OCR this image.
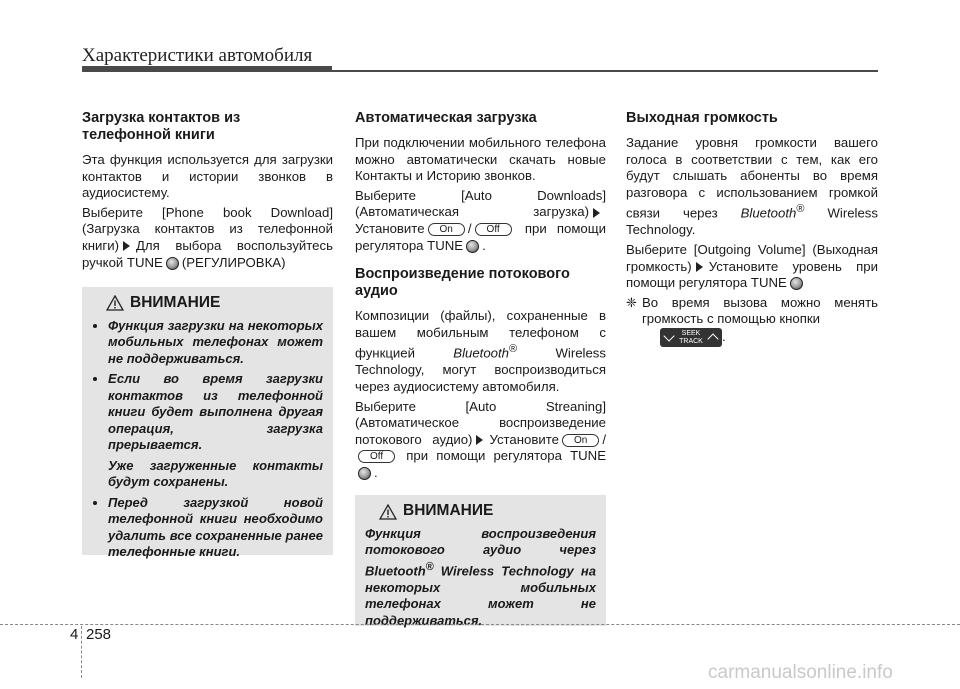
Характеристики автомобиля
Загрузка контактов из телефонной книги

Эта функция используется для загрузки контактов и истории звонков в аудиосистему.

Выберите [Phone book Download] (Загрузка контактов из телефонной книги) Для выбора воспользуйтесь ручкой TUNE (РЕГУЛИРОВКА)

ВНИМАНИЕ
• Функция загрузки на некоторых мобильных телефонах может не поддерживаться.
• Если во время загрузки контактов из телефонной книги будет выполнена другая операция, загрузка прерывается.

Уже загруженные контакты будут сохранены.

• Перед загрузкой новой телефонной книги необходимо удалить все сохраненные ранее телефонные книги.
Автоматическая загрузка

При подключении мобильного телефона можно автоматически скачать новые Контакты и Историю звонков.

Выберите [Auto Downloads] (Автоматическая загрузка) Установите On / Off при помощи регулятора TUNE .

Воспроизведение потокового аудио

Композиции (файлы), сохраненные в вашем мобильным телефоном с функцией	Bluetooth®	Wireless Technology, могут воспроизводиться через аудиосистему автомобиля.

Выберите [Auto Streaning] (Автоматическое воспроизведение потокового аудио) Установите On / Off при помощи регулятора TUNE.

ВНИМАНИЕ

Функция воспроизведения потокового аудио через Bluetooth® Wireless Technology на некоторых мобильных телефонах может не поддерживаться.

Выходная громкость

Задание уровня громкости вашего голоса в соответствии с тем, как его будут слышать абоненты во время разговора с использованием громкой связи через Bluetooth® Wireless Technology.

Выберите [Outgoing Volume] (Выходная громкость) Установите уровень при помощи регулятора TUNE

❈ Во время вызова можно менять громкость с помощью кнопки

SEEK
TRACK	.
4 258
carmanualsonline.info
